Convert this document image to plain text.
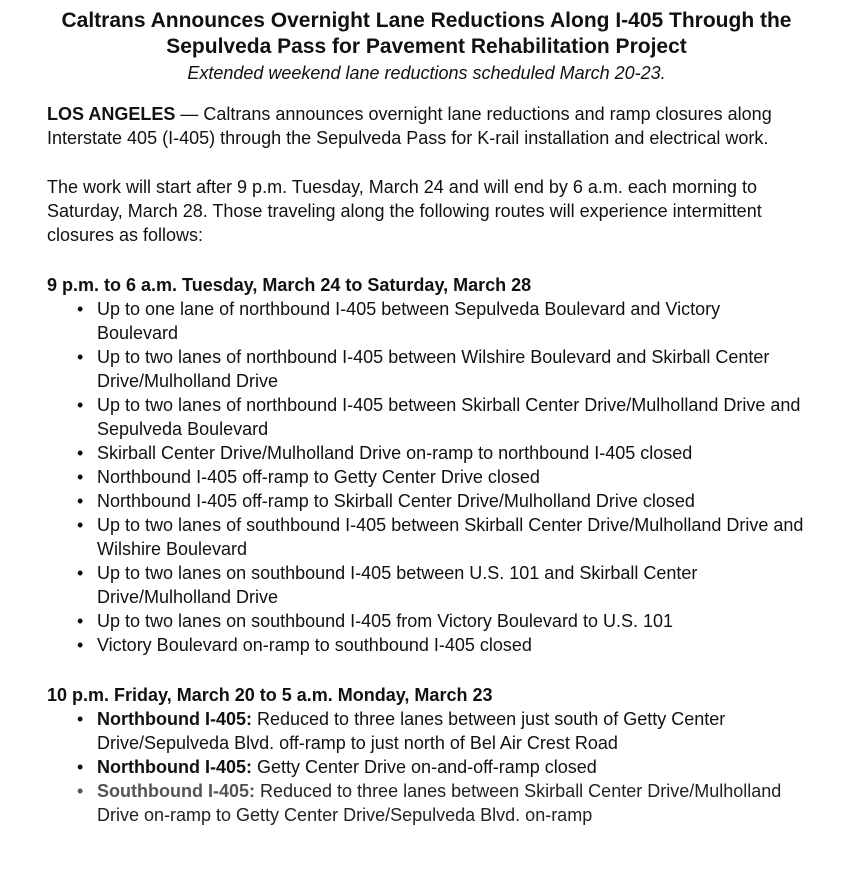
Caltrans Announces Overnight Lane Reductions Along I-405 Through the Sepulveda Pass for Pavement Rehabilitation Project
Extended weekend lane reductions scheduled March 20-23.

LOS ANGELES — Caltrans announces overnight lane reductions and ramp closures along Interstate 405 (I-405) through the Sepulveda Pass for K-rail installation and electrical work.

The work will start after 9 p.m. Tuesday, March 24 and will end by 6 a.m. each morning to Saturday, March 28. Those traveling along the following routes will experience intermittent closures as follows:

9 p.m. to 6 a.m. Tuesday, March 24 to Saturday, March 28
• Up to one lane of northbound I-405 between Sepulveda Boulevard and Victory Boulevard
• Up to two lanes of northbound I-405 between Wilshire Boulevard and Skirball Center Drive/Mulholland Drive
• Up to two lanes of northbound I-405 between Skirball Center Drive/Mulholland Drive and Sepulveda Boulevard
• Skirball Center Drive/Mulholland Drive on-ramp to northbound I-405 closed
• Northbound I-405 off-ramp to Getty Center Drive closed
• Northbound I-405 off-ramp to Skirball Center Drive/Mulholland Drive closed
• Up to two lanes of southbound I-405 between Skirball Center Drive/Mulholland Drive and Wilshire Boulevard
• Up to two lanes on southbound I-405 between U.S. 101 and Skirball Center Drive/Mulholland Drive
• Up to two lanes on southbound I-405 from Victory Boulevard to U.S. 101
• Victory Boulevard on-ramp to southbound I-405 closed
10 p.m. Friday, March 20 to 5 a.m. Monday, March 23
• Northbound I-405: Reduced to three lanes between just south of Getty Center Drive/Sepulveda Blvd. off-ramp to just north of Bel Air Crest Road
• Northbound I-405: Getty Center Drive on-and-off-ramp closed
• Southbound I-405: Reduced to three lanes between Skirball Center Drive/Mulholland Drive on-ramp to Getty Center Drive/Sepulveda Blvd. on-ramp
